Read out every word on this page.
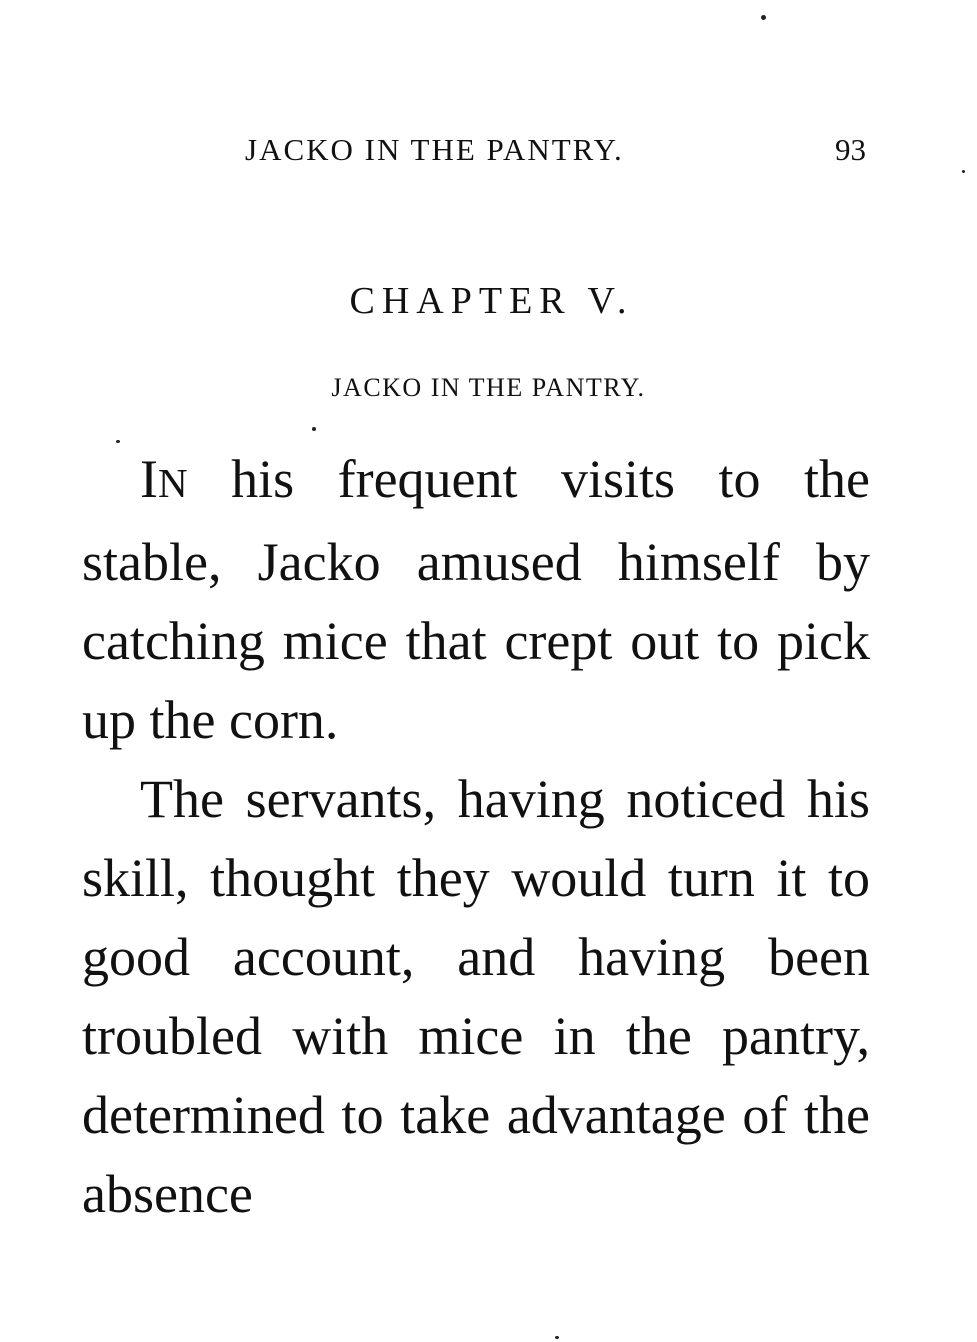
JACKO IN THE PANTRY.	93
CHAPTER V.
JACKO IN THE PANTRY.

IN his frequent visits to the stable, Jacko amused himself by catching mice that crept out to pick up the corn.

The servants, having noticed his skill, thought they would turn it to good account, and having been troubled with mice in the pantry, determined to take advantage of the absence
